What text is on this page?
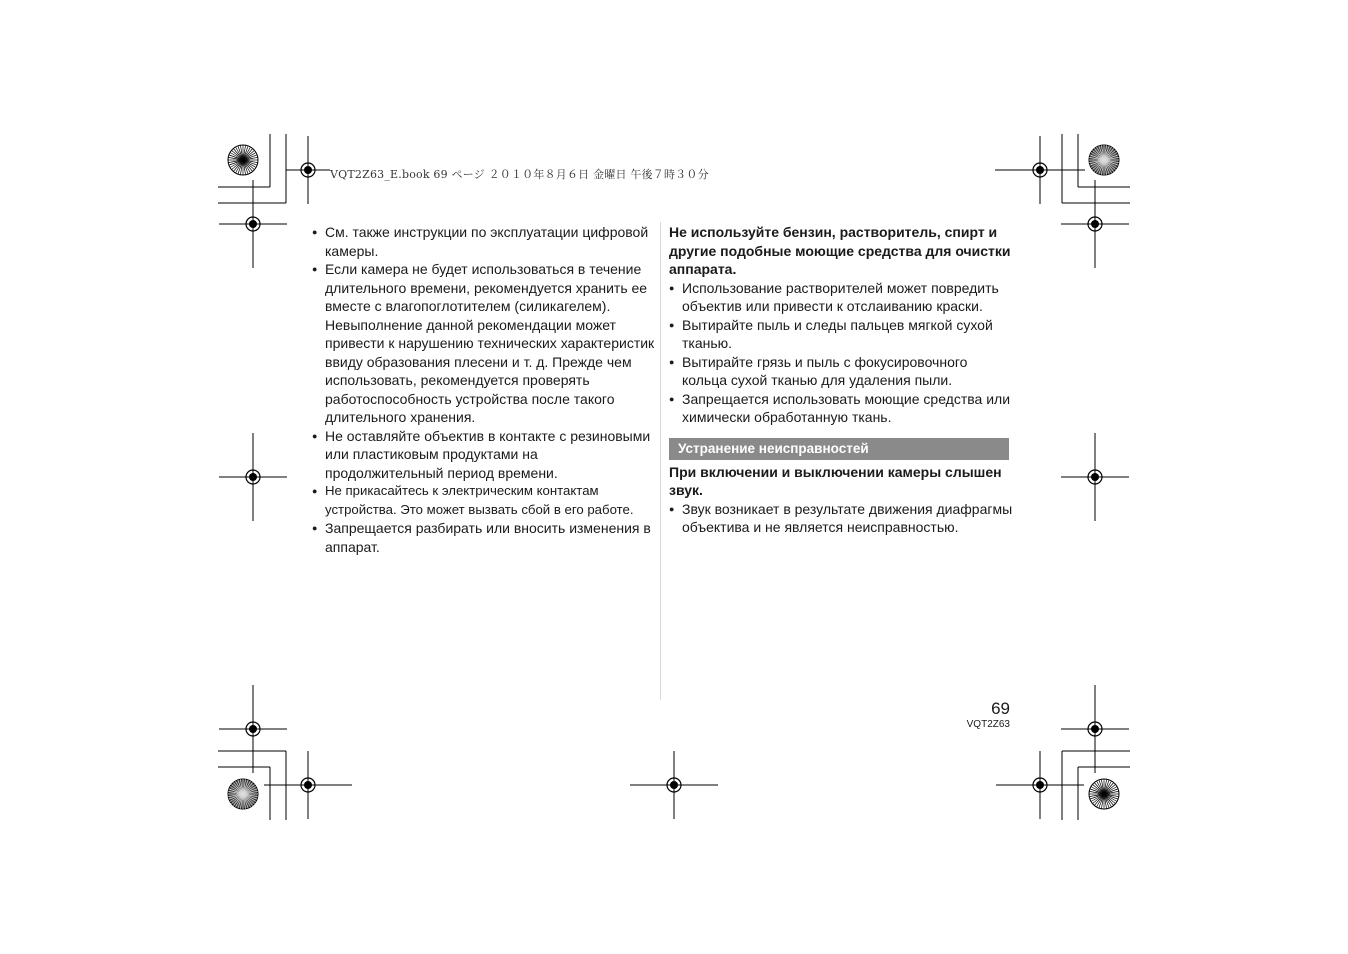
VQT2Z63_E.book 69 ページ ２０１０年８月６日 金曜日 午後７時３０分
● См. также инструкции по эксплуатации цифровой камеры.
● Если камера не будет использоваться в течение длительного времени, рекомендуется хранить ее вместе с влагопоглотителем (силикагелем). Невыполнение данной рекомендации может привести к нарушению технических характеристик ввиду образования плесени и т. д. Прежде чем использовать, рекомендуется проверять работоспособность устройства после такого длительного хранения.
● Не оставляйте объектив в контакте с резиновыми или пластиковым продуктами на продолжительный период времени.
● Не прикасайтесь к электрическим контактам устройства. Это может вызвать сбой в его работе.
● Запрещается разбирать или вносить изменения в аппарат.
Не используйте бензин, растворитель, спирт и другие подобные моющие средства для очистки аппарата.
● Использование растворителей может повредить объектив или привести к отслаиванию краски.
● Вытирайте пыль и следы пальцев мягкой сухой тканью.
● Вытирайте грязь и пыль с фокусировочного кольца сухой тканью для удаления пыли.
● Запрещается использовать моющие средства или химически обработанную ткань.
Устранение неисправностей
При включении и выключении камеры слышен звук.
● Звук возникает в результате движения диафрагмы объектива и не является неисправностью.
69
VQT2Z63
